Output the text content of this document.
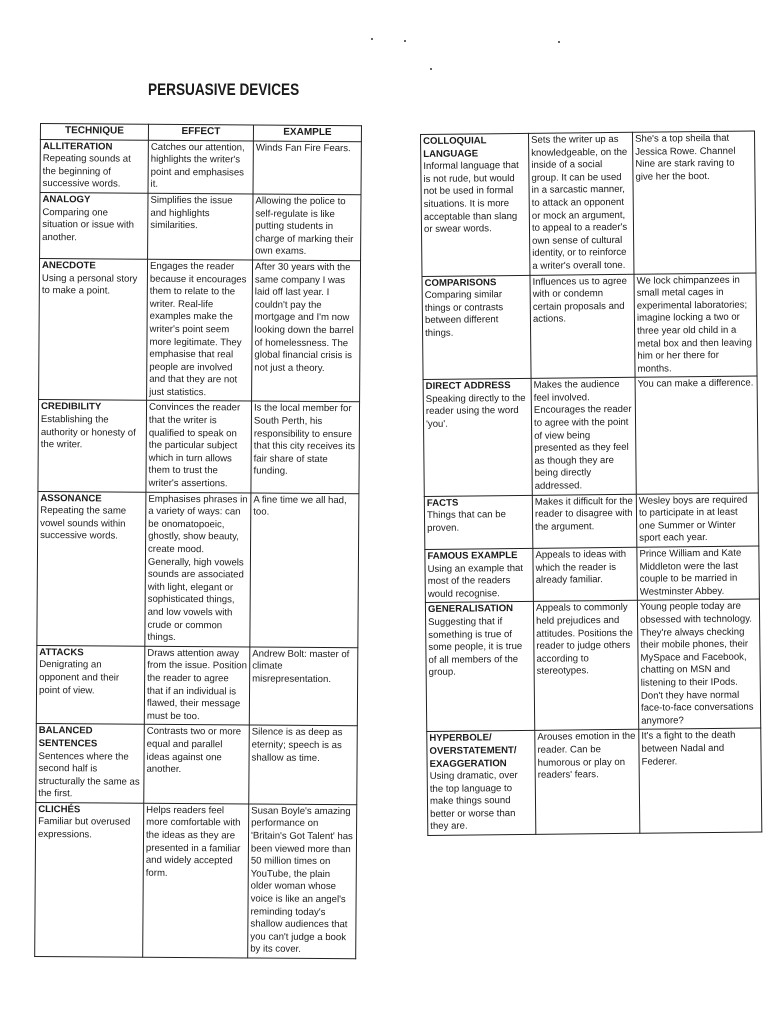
PERSUASIVE DEVICES
TECHNIQUE	EFFECT	EXAMPLE

ALLITERATION
Repeating sounds at the beginning of successive words.	Catches our attention, highlights the writer's point and emphasises it.	Winds Fan Fire Fears.

ANALOGY
Comparing one situation or issue with another.	Simplifies the issue and highlights similarities.	Allowing the police to self-regulate is like putting students in charge of marking their own exams.

ANECDOTE
Using a personal story to make a point.	Engages the reader because it encourages them to relate to the writer. Real-life examples make the writer's point seem more legitimate. They emphasise that real people are involved and that they are not just statistics.	After 30 years with the same company I was laid off last year. I couldn't pay the mortgage and I'm now looking down the barrel of homelessness. The global financial crisis is not just a theory.

CREDIBILITY
Establishing the authority or honesty of the writer.	Convinces the reader that the writer is qualified to speak on the particular subject which in turn allows them to trust the writer's assertions.	Is the local member for South Perth, his responsibility to ensure that this city receives its fair share of state funding.

ASSONANCE
Repeating the same vowel sounds within successive words.	Emphasises phrases in a variety of ways: can be onomatopoeic, ghostly, show beauty, create mood. Generally, high vowels sounds are associated with light, elegant or sophisticated things, and low vowels with crude or common things.	A fine time we all had, too.

ATTACKS
Denigrating an opponent and their point of view.	Draws attention away from the issue. Position the reader to agree that if an individual is flawed, their message must be too.	Andrew Bolt: master of climate misrepresentation.

BALANCED SENTENCES
Sentences where the second half is structurally the same as the first.	Contrasts two or more equal and parallel ideas against one another.	Silence is as deep as eternity; speech is as shallow as time.

CLICHÉS
Familiar but overused expressions.	Helps readers feel more comfortable with the ideas as they are presented in a familiar and widely accepted form.	Susan Boyle's amazing performance on 'Britain's Got Talent' has been viewed more than 50 million times on YouTube, the plain older woman whose voice is like an angel's reminding today's shallow audiences that you can't judge a book by its cover.
COLLOQUIAL LANGUAGE
Informal language that is not rude, but would not be used in formal situations. It is more acceptable than slang or swear words.	Sets the writer up as knowledgeable, on the inside of a social group. It can be used in a sarcastic manner, to attack an opponent or mock an argument, to appeal to a reader's own sense of cultural identity, or to reinforce a writer's overall tone.	She's a top sheila that Jessica Rowe. Channel Nine are stark raving to give her the boot.

COMPARISONS
Comparing similar things or contrasts between different things.	Influences us to agree with or condemn certain proposals and actions.	We lock chimpanzees in small metal cages in experimental laboratories; imagine locking a two or three year old child in a metal box and then leaving him or her there for months.

DIRECT ADDRESS
Speaking directly to the reader using the word 'you'.	Makes the audience feel involved. Encourages the reader to agree with the point of view being presented as they feel as though they are being directly addressed.	You can make a difference.

FACTS
Things that can be proven.	Makes it difficult for the reader to disagree with the argument.	Wesley boys are required to participate in at least one Summer or Winter sport each year.

FAMOUS EXAMPLE
Using an example that most of the readers would recognise.	Appeals to ideas with which the reader is already familiar.	Prince William and Kate Middleton were the last couple to be married in Westminster Abbey.

GENERALISATION
Suggesting that if something is true of some people, it is true of all members of the group.	Appeals to commonly held prejudices and attitudes. Positions the reader to judge others according to stereotypes.	Young people today are obsessed with technology. They're always checking their mobile phones, their MySpace and Facebook, chatting on MSN and listening to their IPods. Don't they have normal face-to-face conversations anymore?

HYPERBOLE/ OVERSTATEMENT/ EXAGGERATION
Using dramatic, over the top language to make things sound better or worse than they are.	Arouses emotion in the reader. Can be humorous or play on readers' fears.	It's a fight to the death between Nadal and Federer.
